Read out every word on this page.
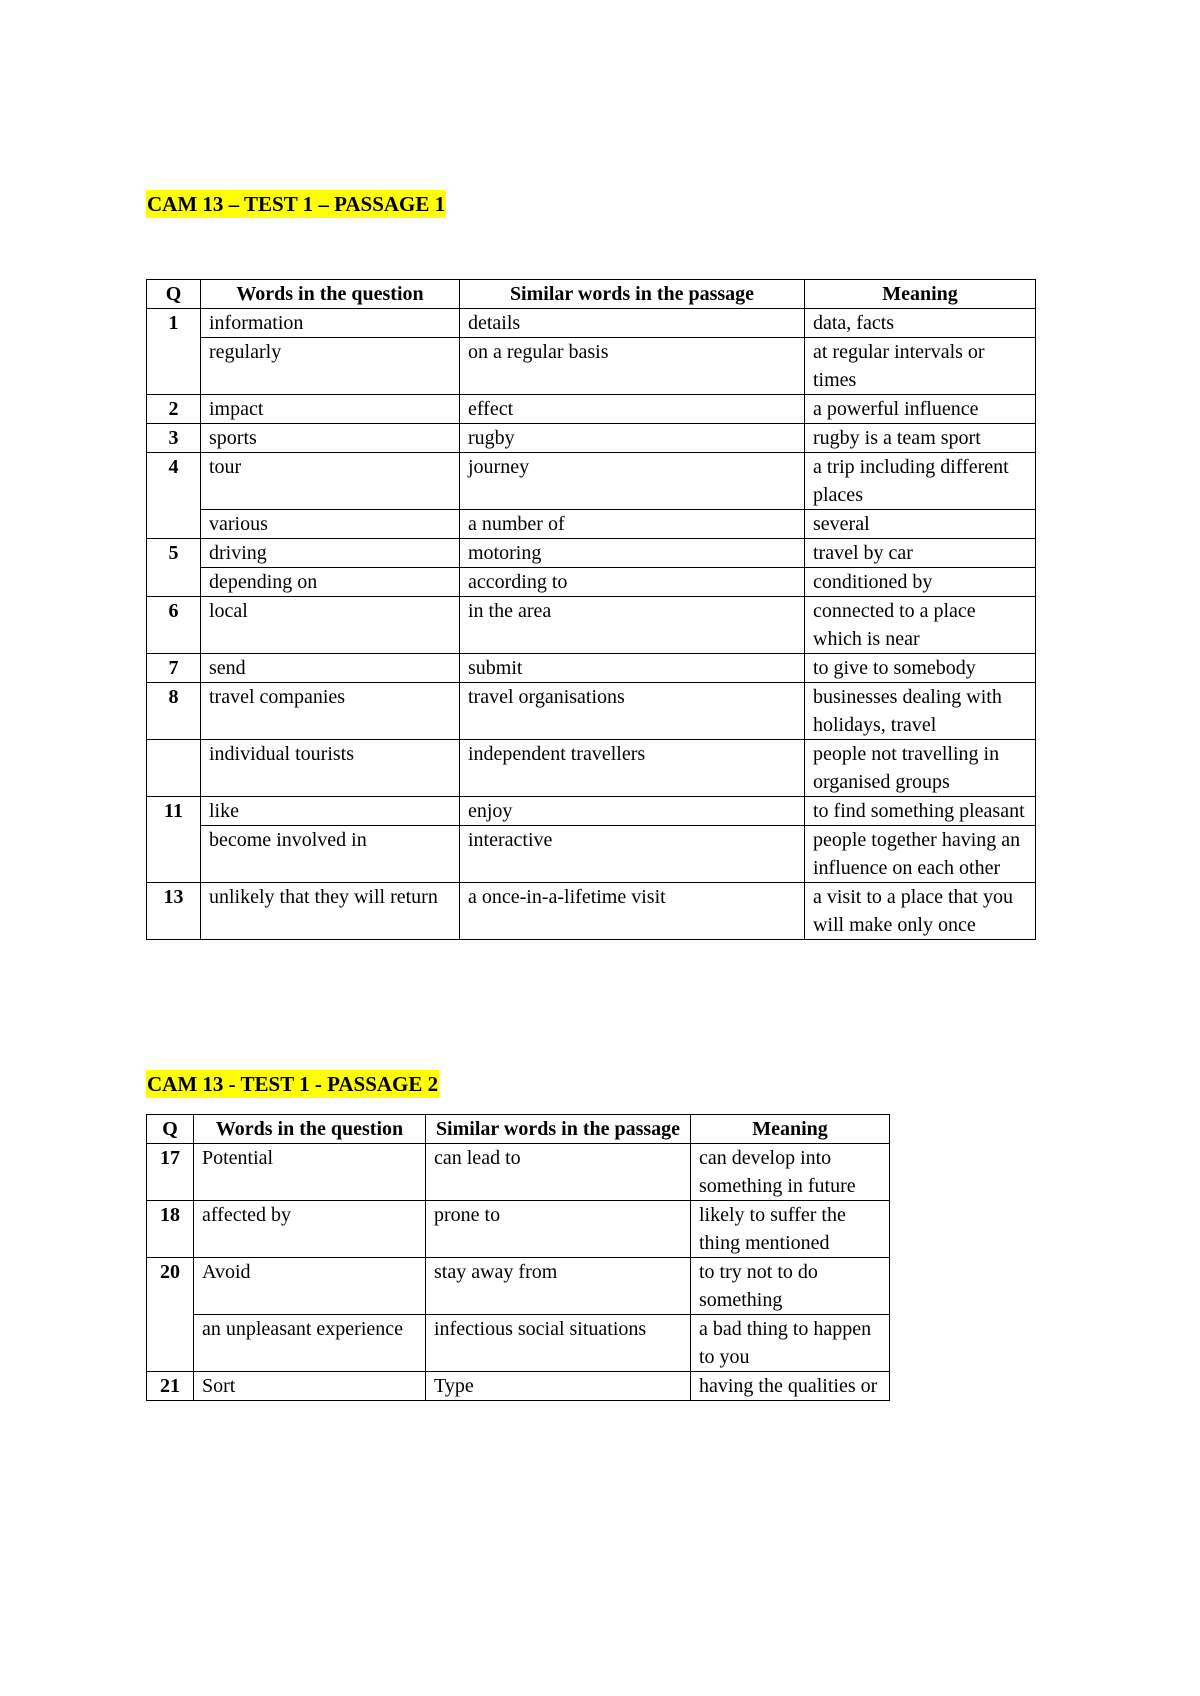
CAM 13 – TEST 1 – PASSAGE 1
Q	Words in the question	Similar words in the passage	Meaning
1	information	details	data, facts
	regularly	on a regular basis	at regular intervals or times
2	impact	effect	a powerful influence
3	sports	rugby	rugby is a team sport
4	tour	journey	a trip including different places
	various	a number of	several
5	driving	motoring	travel by car
	depending on	according to	conditioned by
6	local	in the area	connected to a place which is near
7	send	submit	to give to somebody
8	travel companies	travel organisations	businesses dealing with holidays, travel
	individual tourists	independent travellers	people not travelling in organised groups
11	like	enjoy	to find something pleasant
	become involved in	interactive	people together having an influence on each other
13	unlikely that they will return	a once-in-a-lifetime visit	a visit to a place that you will make only once
CAM 13 - TEST 1 - PASSAGE 2
Q	Words in the question	Similar words in the passage	Meaning
17	Potential	can lead to	can develop into something in future
18	affected by	prone to	likely to suffer the thing mentioned
20	Avoid	stay away from	to try not to do something
	an unpleasant experience	infectious social situations	a bad thing to happen to you
21	Sort	Type	having the qualities or
